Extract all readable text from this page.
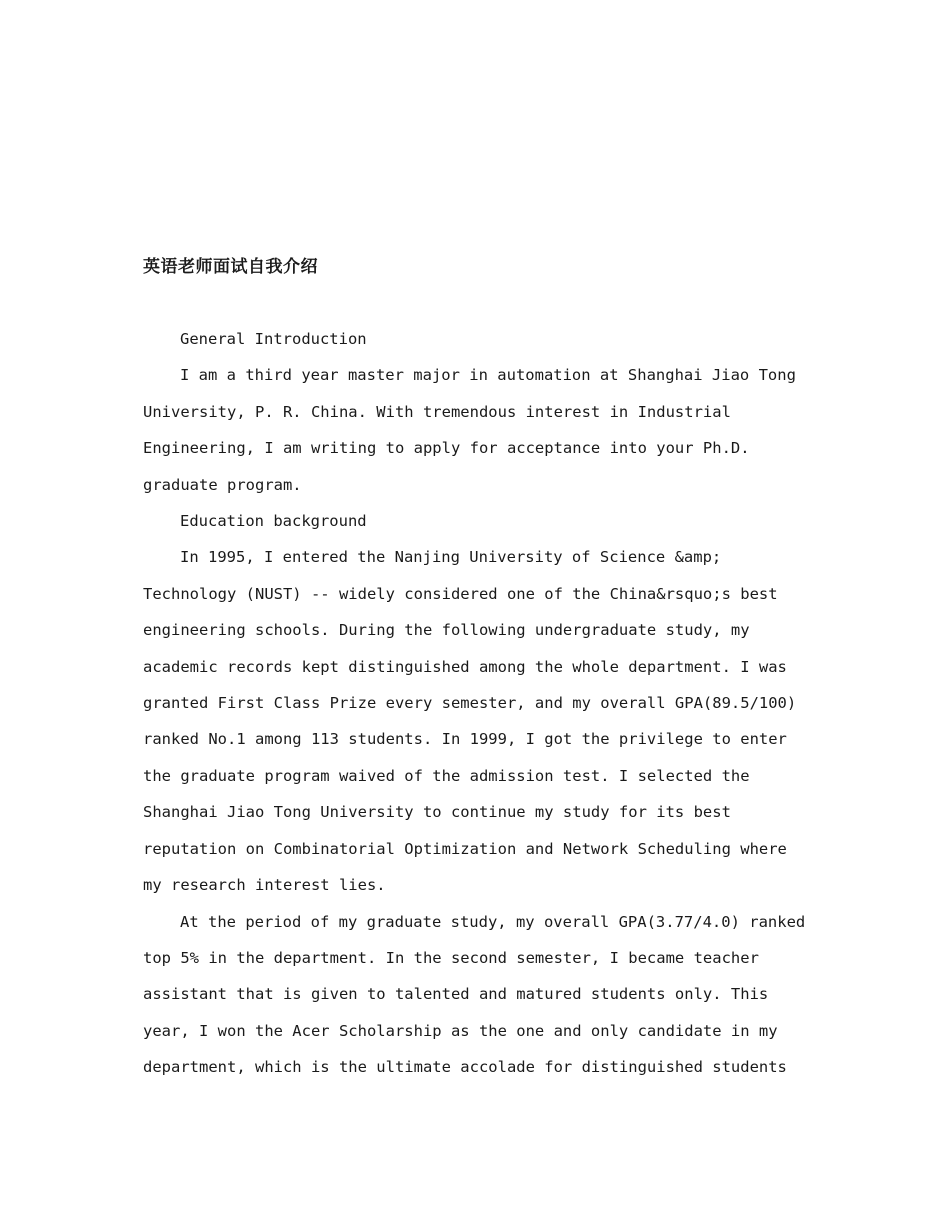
英语老师面试自我介绍

General Introduction

I am a third year master major in automation at Shanghai Jiao Tong
University, P. R. China. With tremendous interest in Industrial
Engineering, I am writing to apply for acceptance into your Ph.D.
graduate program.

Education background

In 1995, I entered the Nanjing University of Science &amp;
Technology (NUST) -- widely considered one of the China&rsquo;s best
engineering schools. During the following undergraduate study, my
academic records kept distinguished among the whole department. I was
granted First Class Prize every semester, and my overall GPA(89.5/100)
ranked No.1 among 113 students. In 1999, I got the privilege to enter
the graduate program waived of the admission test. I selected the
Shanghai Jiao Tong University to continue my study for its best
reputation on Combinatorial Optimization and Network Scheduling where
my research interest lies.

At the period of my graduate study, my overall GPA(3.77/4.0) ranked
top 5% in the department. In the second semester, I became teacher
assistant that is given to talented and matured students only. This
year, I won the Acer Scholarship as the one and only candidate in my
department, which is the ultimate accolade for distinguished students
